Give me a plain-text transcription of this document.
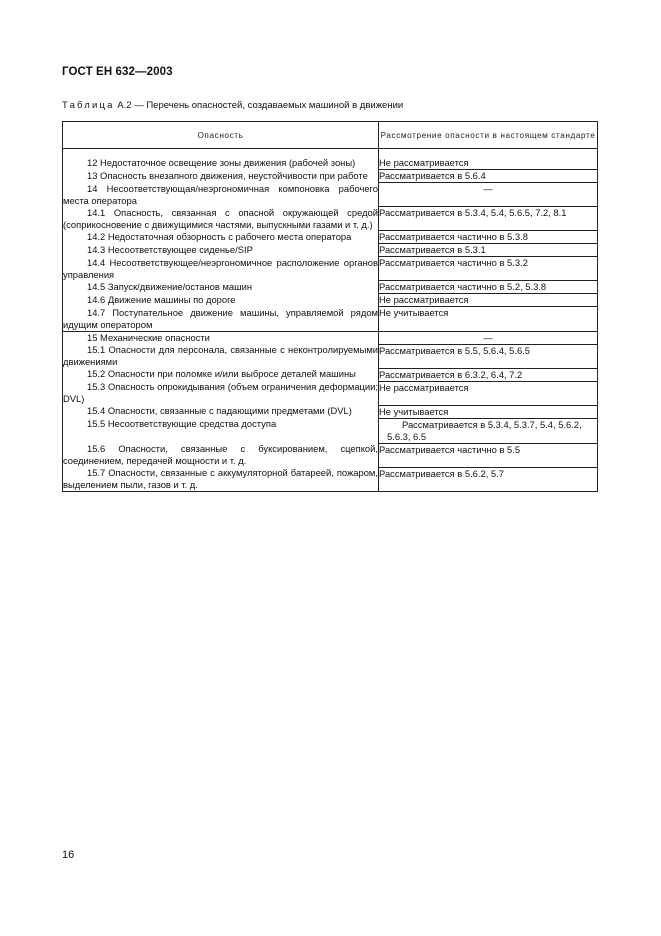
ГОСТ ЕН 632—2003
Таблица А.2 — Перечень опасностей, создаваемых машиной в движении
Опасность	Рассмотрение опасности в настоящем стандарте

12 Недостаточное освещение зоны движения (рабочей зоны)	Не рассматривается

13 Опасность внезапного движения, неустойчивости при работе	Рассматривается в 5.6.4

14 Несоответствующая/неэргономичная компоновка рабочего места оператора	—

14.1 Опасность, связанная с опасной окружающей средой (соприкосновение с движущимися частями, выпускными газами и т. д.)	Рассматривается в 5.3.4, 5.4, 5.6.5, 7.2, 8.1

14.2 Недостаточная обзорность с рабочего места оператора	Рассматривается частично в 5.3.8

14.3 Несоответствующее сиденье/SIP	Рассматривается в 5.3.1

14.4 Несоответствующее/неэргономичное расположение органов управления	Рассматривается частично в 5.3.2

14.5 Запуск/движение/останов машин	Рассматривается частично в 5.2, 5.3.8

14.6 Движение машины по дороге	Не рассматривается

14.7 Поступательное движение машины, управляемой рядом идущим оператором	Не учитывается

15 Механические опасности	—

15.1 Опасности для персонала, связанные с неконтролируемыми движениями	Рассматривается в 5.5, 5.6.4, 5.6.5

15.2 Опасности при поломке и/или выбросе деталей машины	Рассматривается в 6.3.2, 6.4, 7.2

15.3 Опасность опрокидывания (объем ограничения деформации; DVL)	Не рассматривается

15.4 Опасности, связанные с падающими предметами (DVL)	Не учитывается

15.5 Несоответствующие средства доступа	Рассматривается в 5.3.4, 5.3.7, 5.4, 5.6.2, 5.6.3, 6.5

15.6 Опасности, связанные с буксированием, сцепкой, соединением, передачей мощности и т. д.	Рассматривается частично в 5.5

15.7 Опасности, связанные с аккумуляторной батареей, пожаром, выделением пыли, газов и т. д.	Рассматривается в 5.6.2, 5.7
16
